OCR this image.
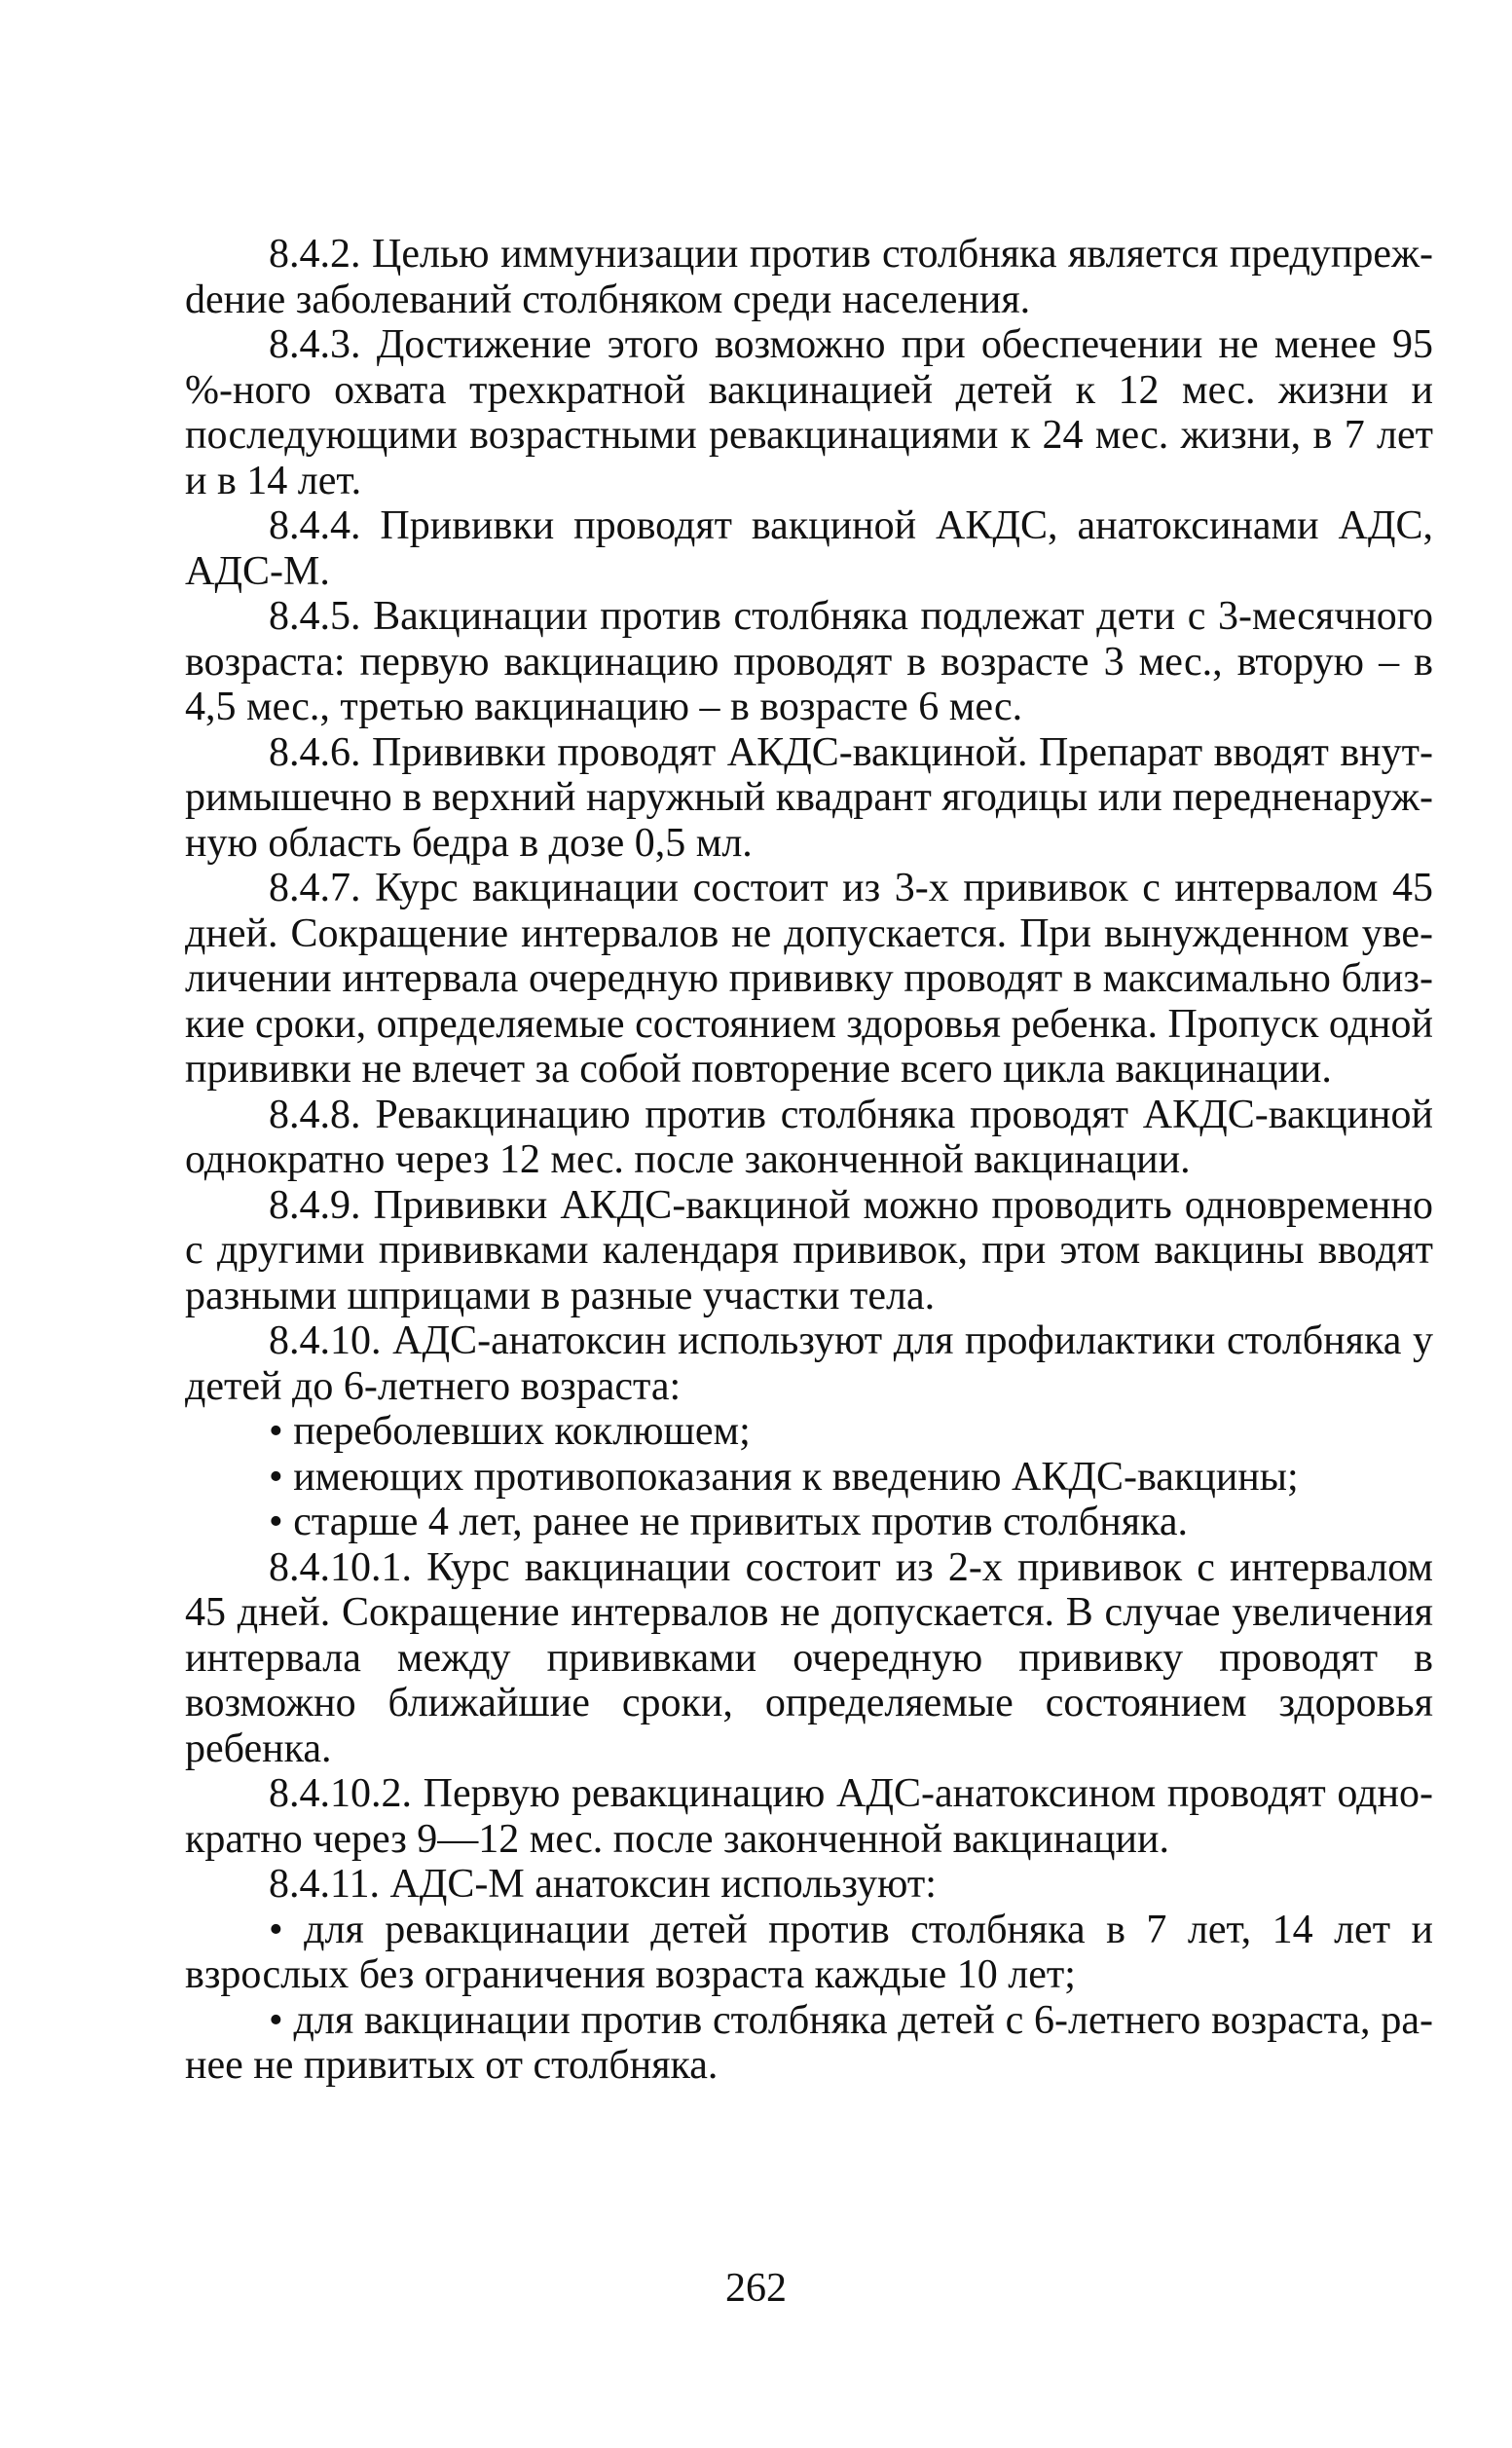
8.4.2. Целью иммунизации против столбняка является предупрежdение заболеваний столбняком среди населения.

8.4.3. Достижение этого возможно при обеспечении не менее 95 %-ного охвата трехкратной вакцинацией детей к 12 мес. жизни и последующими возрастными ревакцинациями к 24 мес. жизни, в 7 лет и в 14 лет.

8.4.4. Прививки проводят вакциной АКДС, анатоксинами АДС, АДС-М.

8.4.5. Вакцинации против столбняка подлежат дети с 3-месячного возраста: первую вакцинацию проводят в возрасте 3 мес., вторую – в 4,5 мес., третью вакцинацию – в возрасте 6 мес.

8.4.6. Прививки проводят АКДС-вакциной. Препарат вводят внутримышечно в верхний наружный квадрант ягодицы или передненаружную область бедра в дозе 0,5 мл.

8.4.7. Курс вакцинации состоит из 3-х прививок с интервалом 45 дней. Сокращение интервалов не допускается. При вынужденном увеличении интервала очередную прививку проводят в максимально близкие сроки, определяемые состоянием здоровья ребенка. Пропуск одной прививки не влечет за собой повторение всего цикла вакцинации.

8.4.8. Ревакцинацию против столбняка проводят АКДС-вакциной однократно через 12 мес. после законченной вакцинации.

8.4.9. Прививки АКДС-вакциной можно проводить одновременно с другими прививками календаря прививок, при этом вакцины вводят разными шприцами в разные участки тела.

8.4.10. АДС-анатоксин используют для профилактики столбняка у детей до 6-летнего возраста:

• переболевших коклюшем;

• имеющих противопоказания к введению АКДС-вакцины;

• старше 4 лет, ранее не привитых против столбняка.

8.4.10.1. Курс вакцинации состоит из 2-х прививок с интервалом 45 дней. Сокращение интервалов не допускается. В случае увеличения интервала между прививками очередную прививку проводят в возможно ближайшие сроки, определяемые состоянием здоровья ребенка.

8.4.10.2. Первую ревакцинацию АДС-анатоксином проводят однократно через 9—12 мес. после законченной вакцинации.

8.4.11. АДС-М анатоксин используют:

• для ревакцинации детей против столбняка в 7 лет, 14 лет и взрослых без ограничения возраста каждые 10 лет;

• для вакцинации против столбняка детей с 6-летнего возраста, ранее не привитых от столбняка.

262
